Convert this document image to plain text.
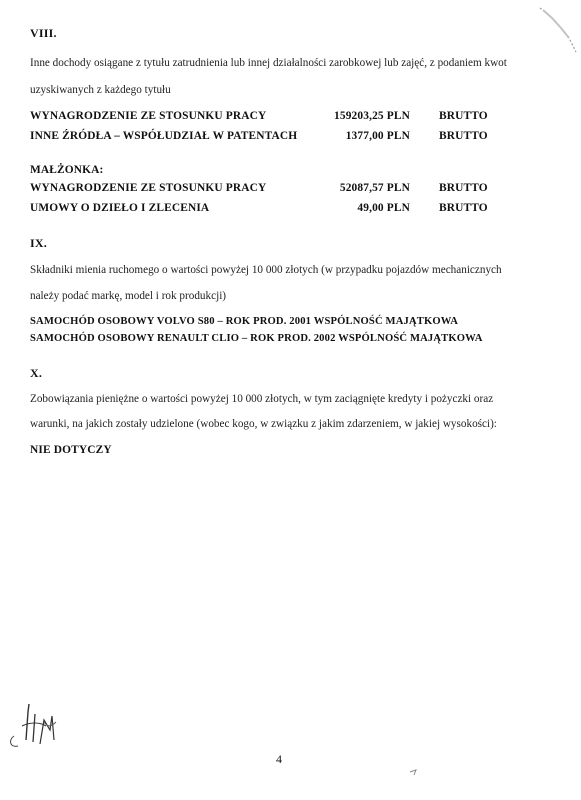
VIII.
Inne dochody osiągane z tytułu zatrudnienia lub innej działalności zarobkowej lub zajęć, z podaniem kwot
uzyskiwanych z każdego tytułu
WYNAGRODZENIE ZE STOSUNKU PRACY	159203,25 PLN	BRUTTO
INNE ŹRÓDŁA – WSPÓŁUDZIAŁ W PATENTACH	1377,00 PLN	BRUTTO
MAŁŻONKA:
WYNAGRODZENIE ZE STOSUNKU PRACY	52087,57 PLN	BRUTTO
UMOWY O DZIEŁO I ZLECENIA	49,00 PLN	BRUTTO
IX.
Składniki mienia ruchomego o wartości powyżej 10 000 złotych (w przypadku pojazdów mechanicznych
należy podać markę, model i rok produkcji)
SAMOCHÓD OSOBOWY VOLVO S80 – ROK PROD. 2001 WSPÓLNOŚĆ MAJĄTKOWA
SAMOCHÓD OSOBOWY RENAULT CLIO – ROK PROD. 2002 WSPÓLNOŚĆ MAJĄTKOWA
X.
Zobowiązania pieniężne o wartości powyżej 10 000 złotych, w tym zaciągnięte kredyty i pożyczki oraz
warunki, na jakich zostały udzielone (wobec kogo, w związku z jakim zdarzeniem, w jakiej wysokości):
NIE DOTYCZY
4
